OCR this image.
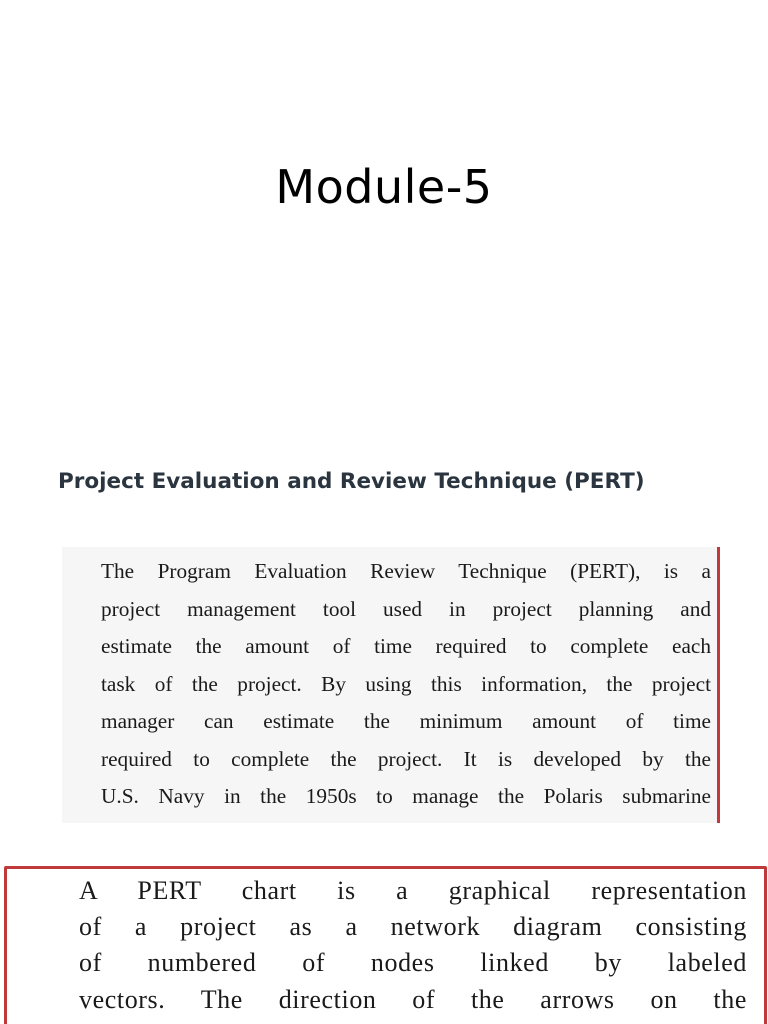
Module-5
Project Evaluation and Review Technique (PERT)
The Program Evaluation Review Technique (PERT), is a
project management tool used in project planning and
estimate the amount of time required to complete each
task of the project. By using this information, the project
manager can estimate the minimum amount of time
required to complete the project. It is developed by the
U.S. Navy in the 1950s to manage the Polaris submarine
A PERT chart is a graphical representation
of a project as a network diagram consisting
of numbered of nodes linked by labeled
vectors. The direction of the arrows on the
